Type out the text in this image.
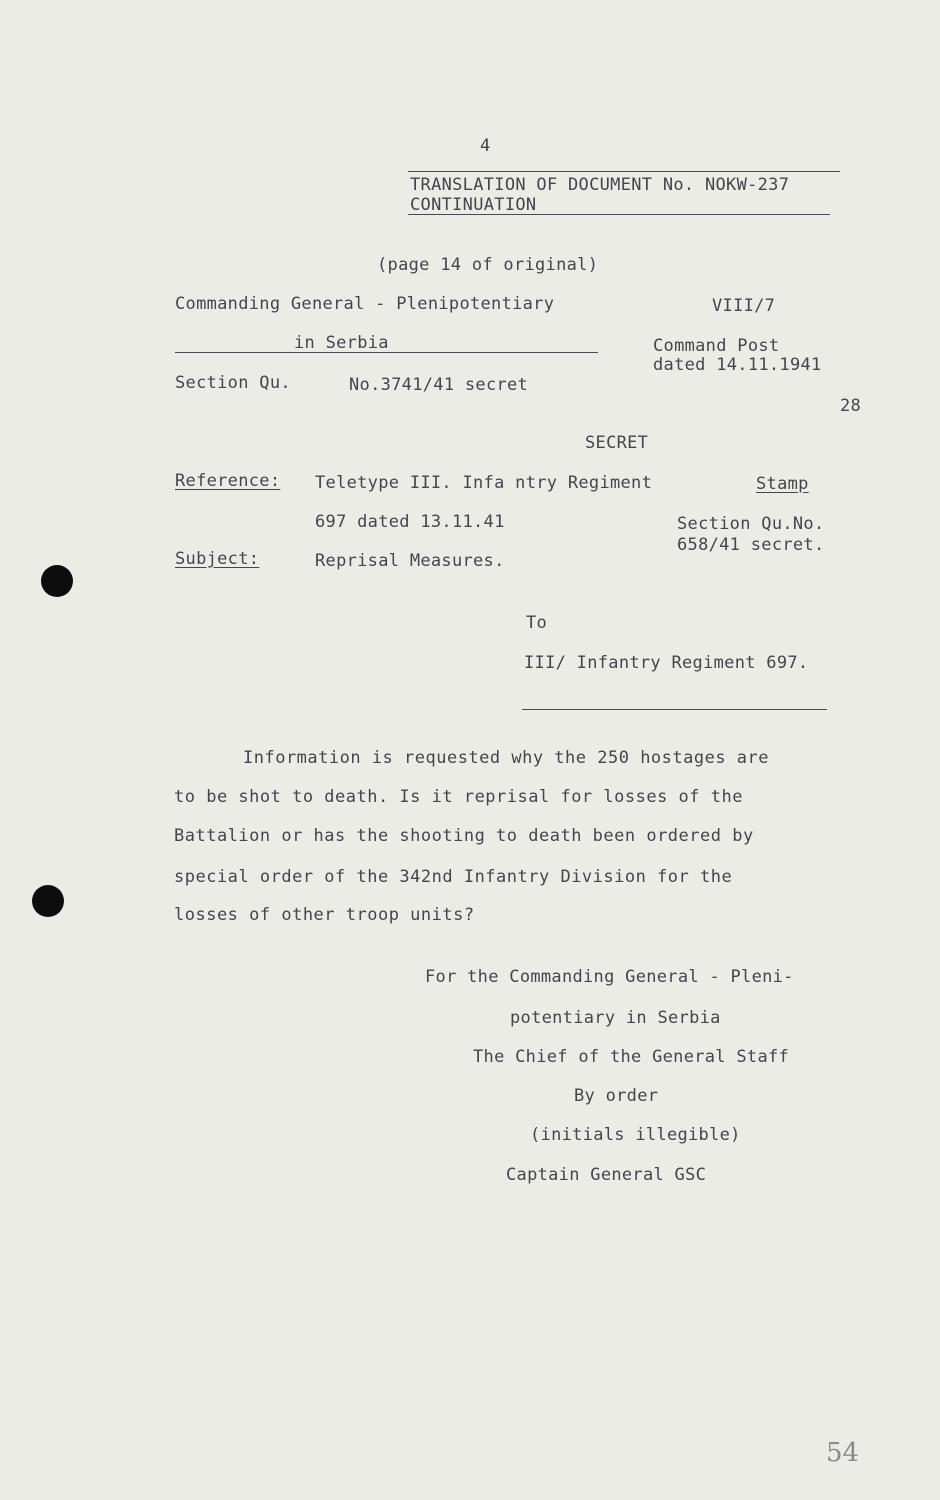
4
TRANSLATION OF DOCUMENT No. NOKW-237
CONTINUATION
(page 14 of original)
Commanding General - Plenipotentiary
in Serbia
Section Qu.	No.3741/41 secret
VIII/7
Command Post
dated 14.11.1941
28
SECRET
Reference: Teletype III. Infa ntry Regiment
697 dated 13.11.41
Stamp
Section Qu.No.
658/41 secret.
Subject:	Reprisal Measures.
To
III/ Infantry Regiment 697.
Information is requested why the 250 hostages are
to be shot to death. Is it reprisal for losses of the
Battalion or has the shooting to death been ordered by
special order of the 342nd Infantry Division for the
losses of other troop units?
For the Commanding General - Pleni-
potentiary in Serbia
The Chief of the General Staff
By order
(initials illegible)
Captain General GSC
54
